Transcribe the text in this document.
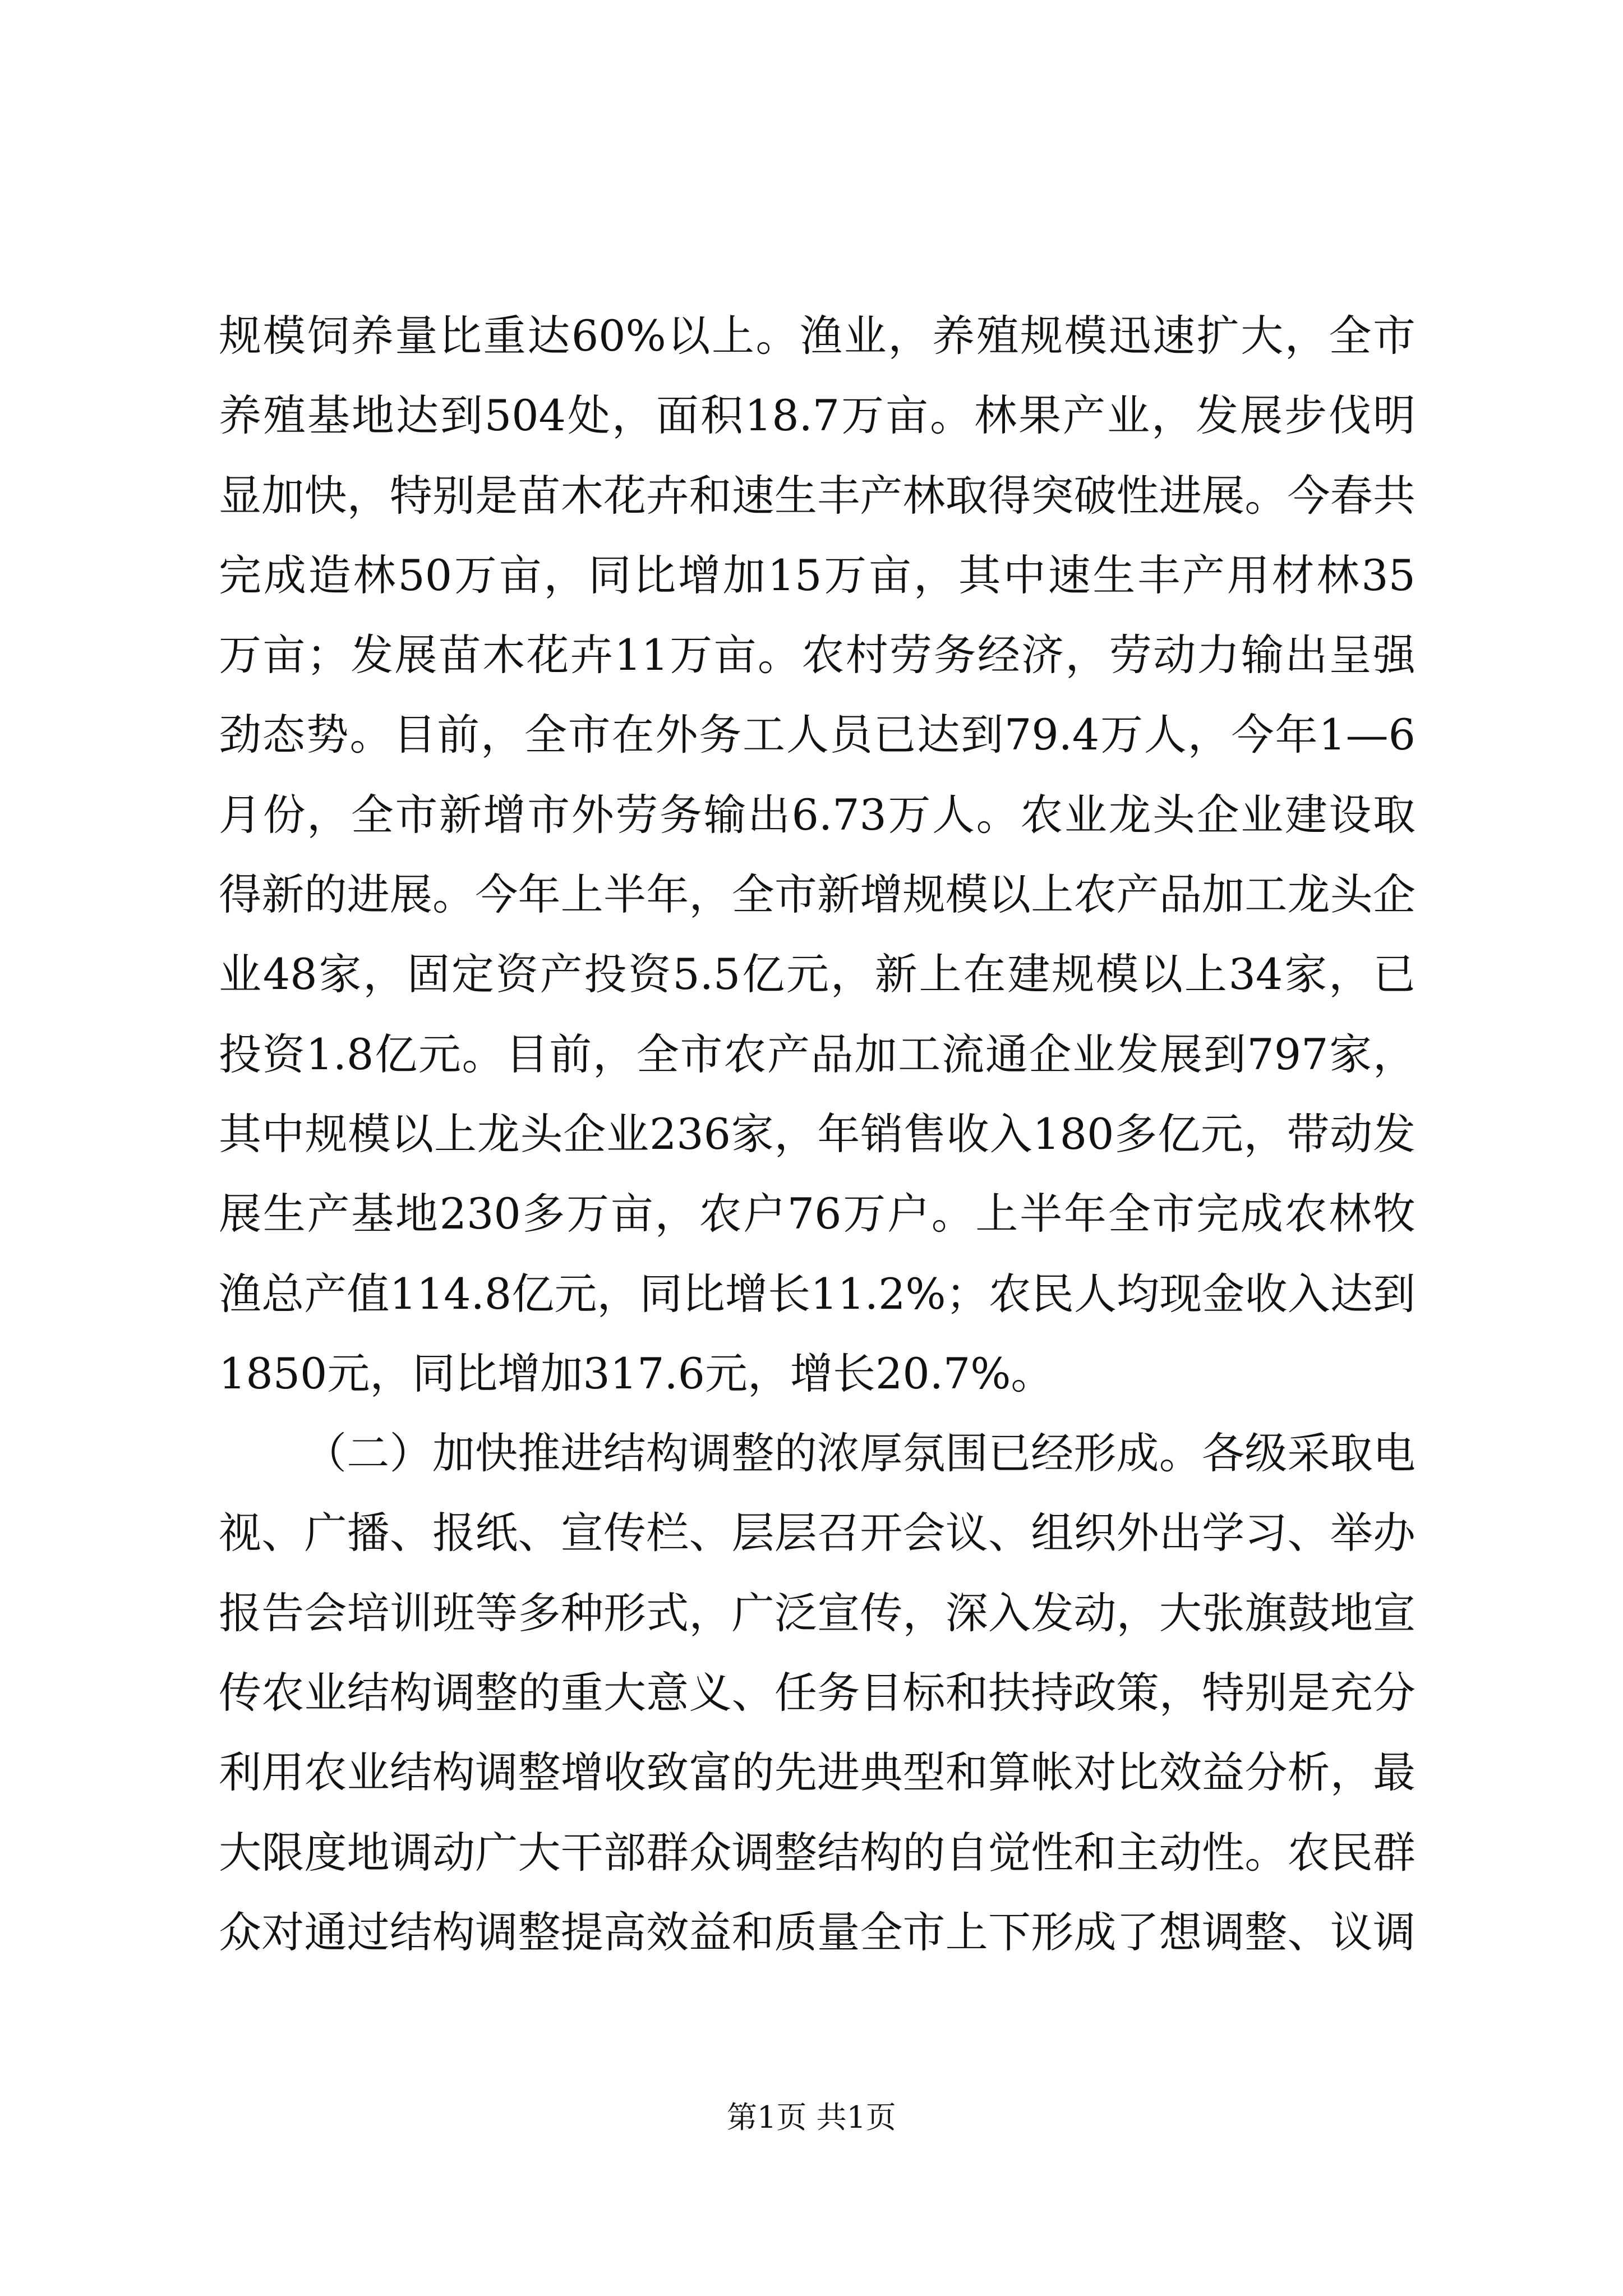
规模饲养量比重达60%以上。渔业，养殖规模迅速扩大，全市
养殖基地达到504处，面积18.7万亩。林果产业，发展步伐明
显加快，特别是苗木花卉和速生丰产林取得突破性进展。今春共
完成造林50万亩，同比增加15万亩，其中速生丰产用材林35
万亩；发展苗木花卉11万亩。农村劳务经济，劳动力输出呈强
劲态势。目前，全市在外务工人员已达到79.4万人，今年1—6
月份，全市新增市外劳务输出6.73万人。农业龙头企业建设取
得新的进展。今年上半年，全市新增规模以上农产品加工龙头企
业48家，固定资产投资5.5亿元，新上在建规模以上34家，已
投资1.8亿元。目前，全市农产品加工流通企业发展到797家，
其中规模以上龙头企业236家，年销售收入180多亿元，带动发
展生产基地230多万亩，农户76万户。上半年全市完成农林牧
渔总产值114.8亿元，同比增长11.2%；农民人均现金收入达到
1850元，同比增加317.6元，增长20.7%。
（二）加快推进结构调整的浓厚氛围已经形成。各级采取电
视、广播、报纸、宣传栏、层层召开会议、组织外出学习、举办
报告会培训班等多种形式，广泛宣传，深入发动，大张旗鼓地宣
传农业结构调整的重大意义、任务目标和扶持政策，特别是充分
利用农业结构调整增收致富的先进典型和算帐对比效益分析，最
大限度地调动广大干部群众调整结构的自觉性和主动性。农民群
众对通过结构调整提高效益和质量全市上下形成了想调整、议调
第1页 共1页
